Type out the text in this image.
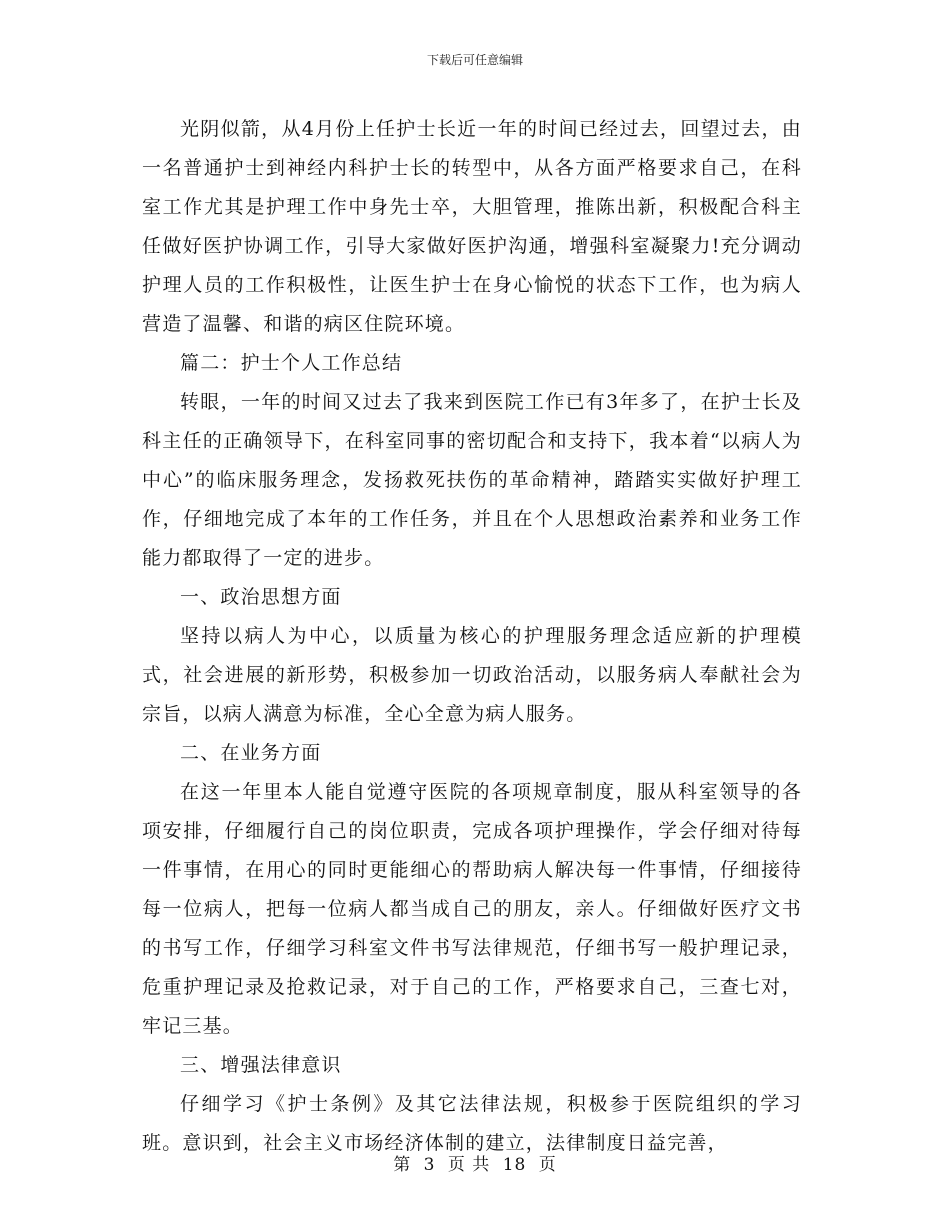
下载后可任意编辑

光阴似箭，从4月份上任护士长近一年的时间已经过去，回望过去，由一名普通护士到神经内科护士长的转型中，从各方面严格要求自己，在科室工作尤其是护理工作中身先士卒，大胆管理，推陈出新，积极配合科主任做好医护协调工作，引导大家做好医护沟通，增强科室凝聚力!充分调动护理人员的工作积极性，让医生护士在身心愉悦的状态下工作，也为病人营造了温馨、和谐的病区住院环境。

篇二：护士个人工作总结

转眼，一年的时间又过去了我来到医院工作已有3年多了，在护士长及科主任的正确领导下，在科室同事的密切配合和支持下，我本着“以病人为中心”的临床服务理念，发扬救死扶伤的革命精神，踏踏实实做好护理工作，仔细地完成了本年的工作任务，并且在个人思想政治素养和业务工作能力都取得了一定的进步。

一、政治思想方面

坚持以病人为中心，以质量为核心的护理服务理念适应新的护理模式，社会进展的新形势，积极参加一切政治活动，以服务病人奉献社会为宗旨，以病人满意为标准，全心全意为病人服务。

二、在业务方面

在这一年里本人能自觉遵守医院的各项规章制度，服从科室领导的各项安排，仔细履行自己的岗位职责，完成各项护理操作，学会仔细对待每一件事情，在用心的同时更能细心的帮助病人解决每一件事情，仔细接待每一位病人，把每一位病人都当成自己的朋友，亲人。仔细做好医疗文书的书写工作，仔细学习科室文件书写法律规范，仔细书写一般护理记录，危重护理记录及抢救记录，对于自己的工作，严格要求自己，三查七对，牢记三基。

三、增强法律意识

仔细学习《护士条例》及其它法律法规，积极参于医院组织的学习班。意识到，社会主义市场经济体制的建立，法律制度日益完善，

第 3 页 共 18 页
